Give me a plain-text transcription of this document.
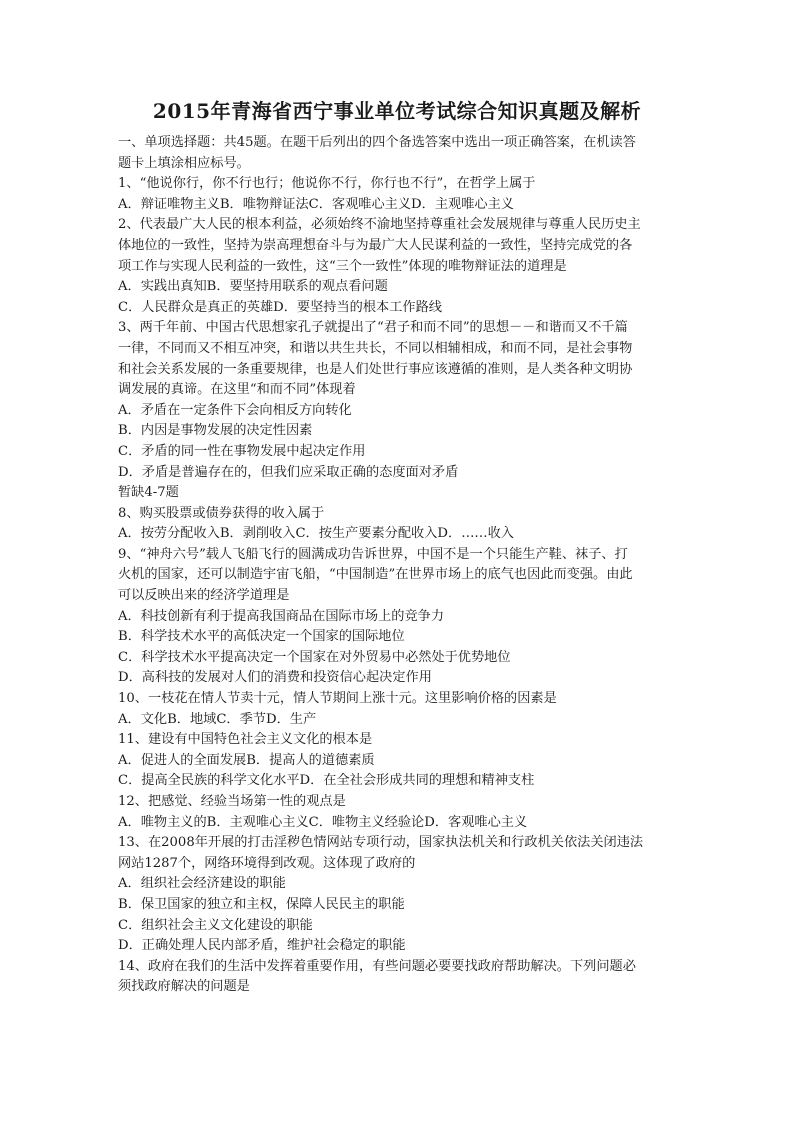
2015年青海省西宁事业单位考试综合知识真题及解析
一、单项选择题：共45题。在题干后列出的四个备选答案中选出一项正确答案，在机读答
题卡上填涂相应标号。
1、“他说你行，你不行也行；他说你不行，你行也不行”，在哲学上属于
A．辩证唯物主义B．唯物辩证法C．客观唯心主义D．主观唯心主义
2、代表最广大人民的根本利益，必须始终不渝地坚持尊重社会发展规律与尊重人民历史主
体地位的一致性，坚持为崇高理想奋斗与为最广大人民谋利益的一致性，坚持完成党的各
项工作与实现人民利益的一致性，这“三个一致性”体现的唯物辩证法的道理是
A．实践出真知B．要坚持用联系的观点看问题
C．人民群众是真正的英雄D．要坚持当的根本工作路线
3、两千年前、中国古代思想家孔子就提出了“君子和而不同”的思想－－和谐而又不千篇
一律，不同而又不相互冲突，和谐以共生共长，不同以相辅相成，和而不同，是社会事物
和社会关系发展的一条重要规律，也是人们处世行事应该遵循的准则，是人类各种文明协
调发展的真谛。在这里“和而不同”体现着
A．矛盾在一定条件下会向相反方向转化
B．内因是事物发展的决定性因素
C．矛盾的同一性在事物发展中起决定作用
D．矛盾是普遍存在的，但我们应采取正确的态度面对矛盾
暂缺4-7题
8、购买股票或债券获得的收入属于
A．按劳分配收入B．剥削收入C．按生产要素分配收入D．……收入
9、“神舟六号”载人飞船飞行的圆满成功告诉世界，中国不是一个只能生产鞋、袜子、打
火机的国家，还可以制造宇宙飞船，“中国制造”在世界市场上的底气也因此而变强。由此
可以反映出来的经济学道理是
A．科技创新有利于提高我国商品在国际市场上的竞争力
B．科学技术水平的高低决定一个国家的国际地位
C．科学技术水平提高决定一个国家在对外贸易中必然处于优势地位
D．高科技的发展对人们的消费和投资信心起决定作用
10、一枝花在情人节卖十元，情人节期间上涨十元。这里影响价格的因素是
A．文化B．地域C．季节D．生产
11、建设有中国特色社会主义文化的根本是
A．促进人的全面发展B．提高人的道德素质
C．提高全民族的科学文化水平D．在全社会形成共同的理想和精神支柱
12、把感觉、经验当场第一性的观点是
A．唯物主义的B．主观唯心主义C．唯物主义经验论D．客观唯心主义
13、在2008年开展的打击淫秽色情网站专项行动，国家执法机关和行政机关依法关闭违法
网站1287个，网络环境得到改观。这体现了政府的
A．组织社会经济建设的职能
B．保卫国家的独立和主权，保障人民民主的职能
C．组织社会主义文化建设的职能
D．正确处理人民内部矛盾，维护社会稳定的职能
14、政府在我们的生活中发挥着重要作用，有些问题必要要找政府帮助解决。下列问题必
须找政府解决的问题是
